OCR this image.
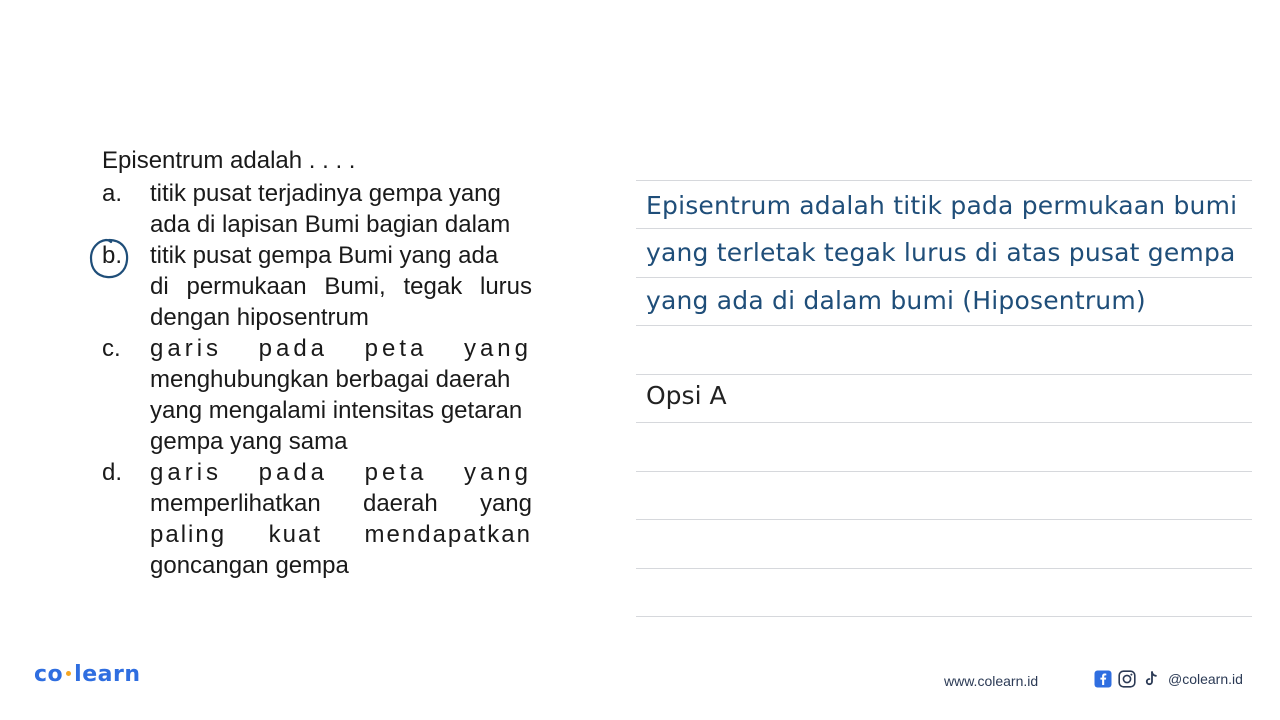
Episentrum adalah . . . .
a.	titik pusat terjadinya gempa yang
ada di lapisan Bumi bagian dalam
b.	titik pusat gempa Bumi yang ada
di permukaan Bumi, tegak lurus
dengan hiposentrum
c.	garis pada peta yang
menghubungkan berbagai daerah
yang mengalami intensitas getaran
gempa yang sama
d.	garis pada peta yang
memperlihatkan daerah yang
paling kuat mendapatkan
goncangan gempa
Episentrum adalah titik pada permukaan bumi
yang terletak tegak lurus di atas pusat gempa
yang ada di dalam bumi (Hiposentrum)
Opsi A
co learn	www.colearn.id	@colearn.id
